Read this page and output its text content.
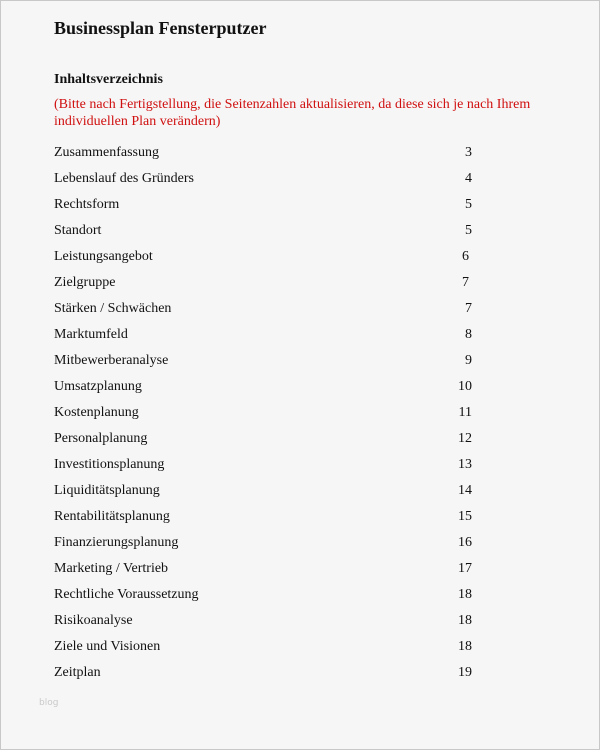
Businessplan Fensterputzer
Inhaltsverzeichnis

(Bitte nach Fertigstellung, die Seitenzahlen aktualisieren, da diese sich je nach Ihrem individuellen Plan verändern)

Zusammenfassung	3
Lebenslauf des Gründers	4
Rechtsform	5
Standort	5
Leistungsangebot	6
Zielgruppe	7
Stärken / Schwächen	7
Marktumfeld	8
Mitbewerberanalyse	9
Umsatzplanung	10
Kostenplanung	11
Personalplanung	12
Investitionsplanung	13
Liquiditätsplanung	14
Rentabilitätsplanung	15
Finanzierungsplanung	16
Marketing / Vertrieb	17
Rechtliche Voraussetzung	18
Risikoanalyse	18
Ziele und Visionen	18
Zeitplan	19
blog
